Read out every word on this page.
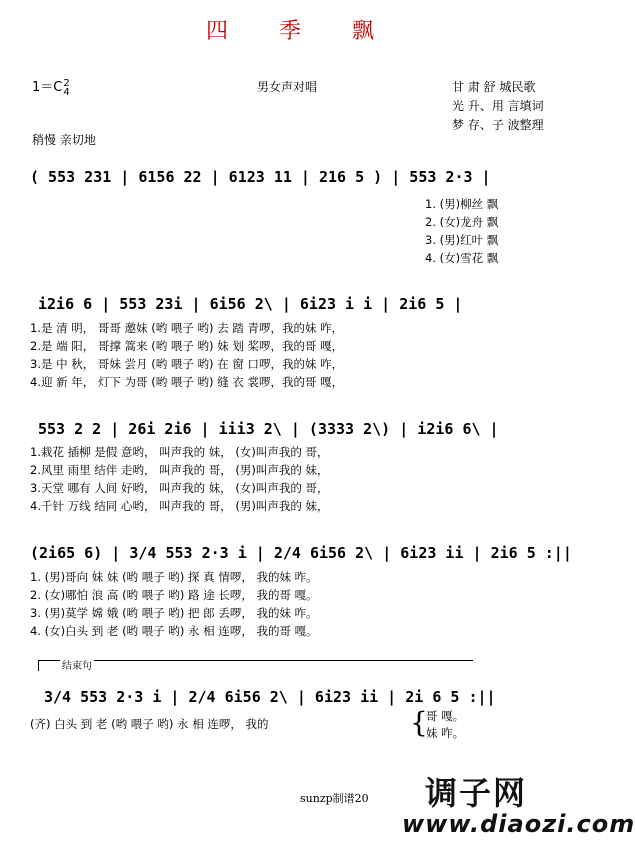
四 季 飘
1＝C2
4	男女声对唱	甘 肃 舒 城民歌
光 升、用 言填词
梦 存、子 波整理
稍慢 亲切地
( 553 231 | 6156 22 | 6123 11 | 216 5 ) | 553 2·3 |
1. (男)柳丝 飘
2. (女)龙舟 飘
3. (男)红叶 飘
4. (女)雪花 飘
i2i6 6 | 553 23i | 6i56 2\ | 6i23 i i | 2i6 5 |
1.是 清 明， 哥哥 邀妹 (哟 喂子 哟) 去 踏 青啰，我的妹 咋，
2.是 端 阳， 哥撑 篙来 (哟 喂子 哟) 妹 划 桨啰，我的哥 嘎，
3.是 中 秋， 哥妹 尝月 (哟 喂子 哟) 在 窗 口啰，我的妹 咋，
4.迎 新 年， 灯下 为哥 (哟 喂子 哟) 缝 衣 裳啰，我的哥 嘎，
553 2 2 | 26i 2i6 | iii3 2\ | (3333 2\) | i2i6 6\ |
1.栽花 插柳 是假 意哟， 叫声我的 妹， (女)叫声我的 哥，
2.风里 雨里 结伴 走哟， 叫声我的 哥， (男)叫声我的 妹，
3.天堂 哪有 人间 好哟， 叫声我的 妹， (女)叫声我的 哥，
4.千针 万线 结同 心哟， 叫声我的 哥， (男)叫声我的 妹，
(2i65 6) | 3/4 553 2·3 i | 2/4 6i56 2\ | 6i23 ii | 2i6 5 :||
1. (男)哥向 妹 妹 (哟 喂子 哟) 探 真 情啰， 我的妹 咋。
2. (女)哪怕 浪 高 (哟 喂子 哟) 路 途 长啰， 我的哥 嘎。
3. (男)莫学 嫦 娥 (哟 喂子 哟) 把 郎 丢啰， 我的妹 咋。
4. (女)白头 到 老 (哟 喂子 哟) 永 相 连啰， 我的哥 嘎。
结束句
3/4 553 2·3 i | 2/4 6i56 2\ | 6i23 ii | 2i 6 5 :||
(齐) 白头 到 老 (哟 喂子 哟) 永 相 连啰， 我的	{
哥 嘎。
妹 咋。
sunzp制谱20 调子网
www.diaozi.com
